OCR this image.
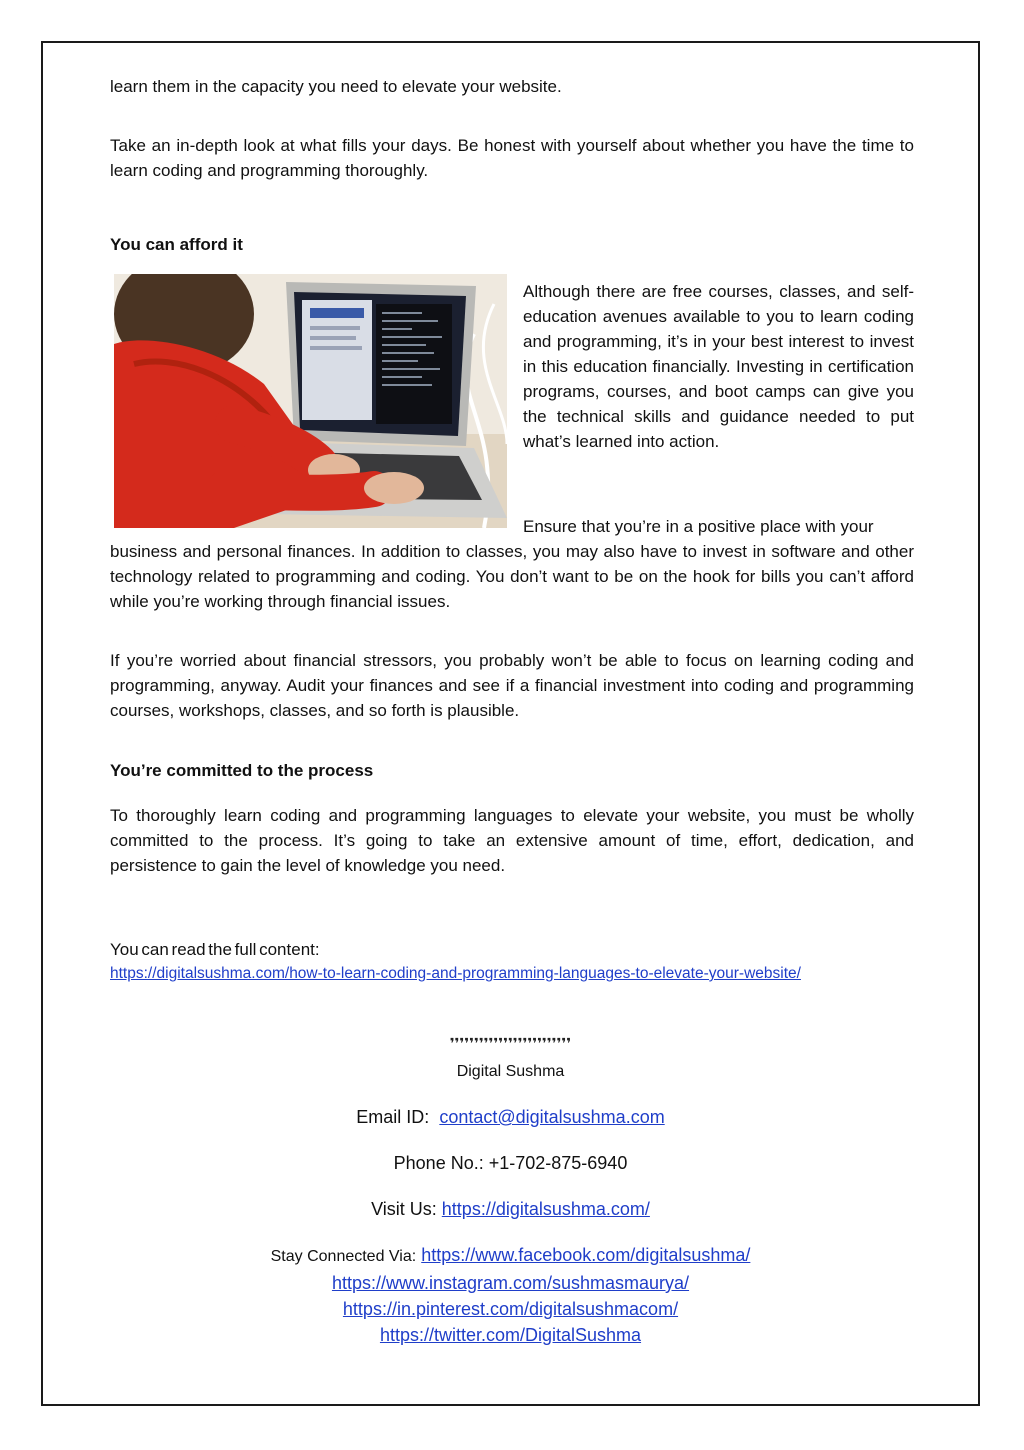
learn them in the capacity you need to elevate your website.

Take an in-depth look at what fills your days. Be honest with yourself about whether you have the time to learn coding and programming thoroughly.

You can afford it

Although there are free courses, classes, and self-education avenues available to you to learn coding and programming, it’s in your best interest to invest in this education financially. Investing in certification programs, courses, and boot camps can give you the technical skills and guidance needed to put what’s learned into action.

Ensure that you’re in a positive place with your

business and personal finances. In addition to classes, you may also have to invest in software and other technology related to programming and coding. You don’t want to be on the hook for bills you can’t afford while you’re working through financial issues.

If you’re worried about financial stressors, you probably won’t be able to focus on learning coding and programming, anyway. Audit your finances and see if a financial investment into coding and programming courses, workshops, classes, and so forth is plausible.

You’re committed to the process

To thoroughly learn coding and programming languages to elevate your website, you must be wholly committed to the process. It’s going to take an extensive amount of time, effort, dedication, and persistence to gain the level of knowledge you need.

You can read the full content:
https://digitalsushma.com/how-to-learn-coding-and-programming-languages-to-elevate-your-website/
❜❜❜❜❜❜❜❜❜❜❜❜❜❜❜❜❜❜❜❜❜❜❜❜❜
Digital Sushma
Email ID: contact@digitalsushma.com
Phone No.: +1-702-875-6940
Visit Us: https://digitalsushma.com/
Stay Connected Via: https://www.facebook.com/digitalsushma/
https://www.instagram.com/sushmasmaurya/
https://in.pinterest.com/digitalsushmacom/
https://twitter.com/DigitalSushma
